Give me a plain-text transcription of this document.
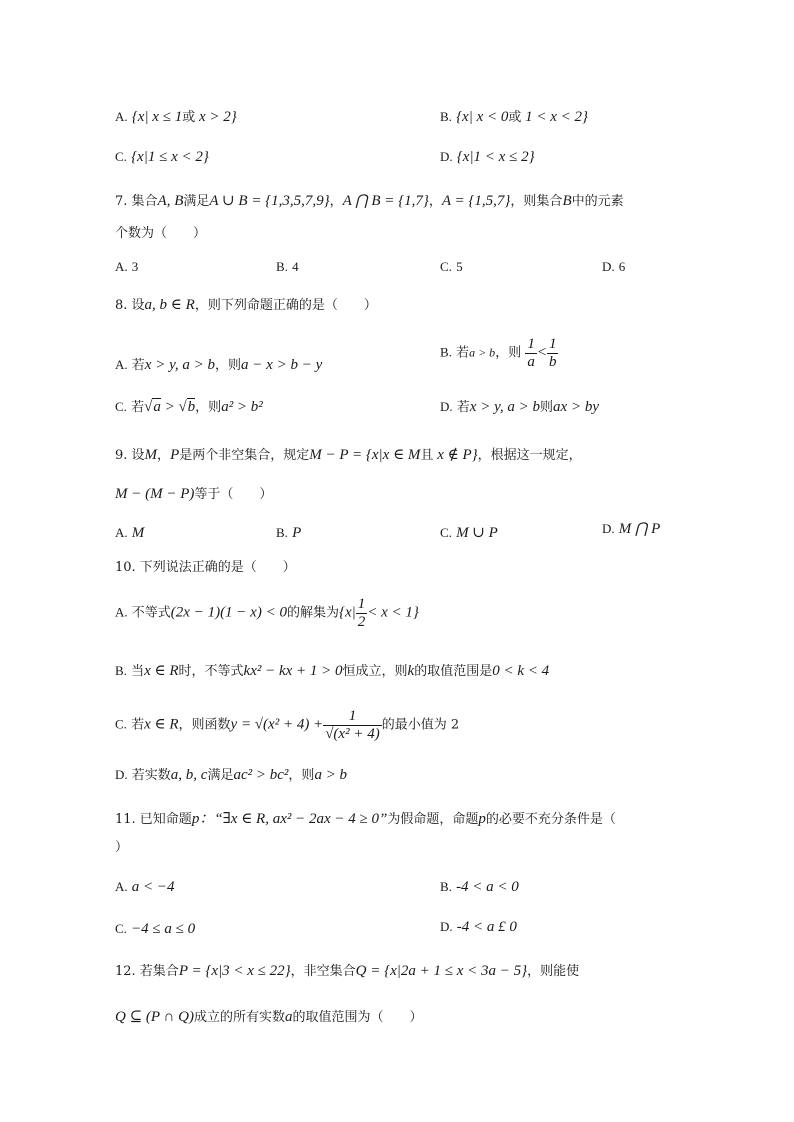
A. {x| x ≤ 1或 x > 2}	B. {x| x < 0或 1 < x < 2}
C. {x|1 ≤ x < 2}	D. {x|1 < x ≤ 2}
7. 集合A, B满足A ∪ B = {1,3,5,7,9}，A ⋂ B = {1,7}，A = {1,5,7}，则集合B中的元素
个数为（　　）
A. 3	B. 4	C. 5	D. 6
8. 设a, b ∈ R，则下列命题正确的是（　　）
A. 若x > y, a > b，则a − x > b − y
B. 若a > b，则 $\frac{1}{a} < \frac{1}{b}$
C. 若√a > √b，则a² > b²	D. 若x > y, a > b则ax > by
9. 设M，P是两个非空集合，规定M − P = {x|x ∈ M且 x ∉ P}，根据这一规定，
M − (M − P)等于（　　）
A. M	B. P	C. M ∪ P	D. M ⋂ P
10. 下列说法正确的是（　　）
A. 不等式(2x − 1)(1 − x) < 0的解集为$\{x| \frac{1}{2} < x < 1\}$
B. 当x ∈ R时，不等式kx² − kx + 1 > 0恒成立，则k的取值范围是0 < k < 4
C. 若x ∈ R，则函数$y = √(x^2 + 4) + \frac{1}{\text{√(x² + 4)}}$ 的最小值为 2
D. 若实数a, b, c满足ac² > bc²，则a > b
11. 已知命题p：“∃x ∈ R, ax² − 2ax − 4 ≥ 0”为假命题，命题p的必要不充分条件是（
）
A. a < −4	B. -4 < a < 0
C. −4 ≤ a ≤ 0	D. -4 < a £ 0
12. 若集合P = {x|3 < x ≤ 22}，非空集合Q = {x|2a + 1 ≤ x < 3a − 5}，则能使
Q ⊆ (P ∩ Q)成立的所有实数a的取值范围为（　　）
